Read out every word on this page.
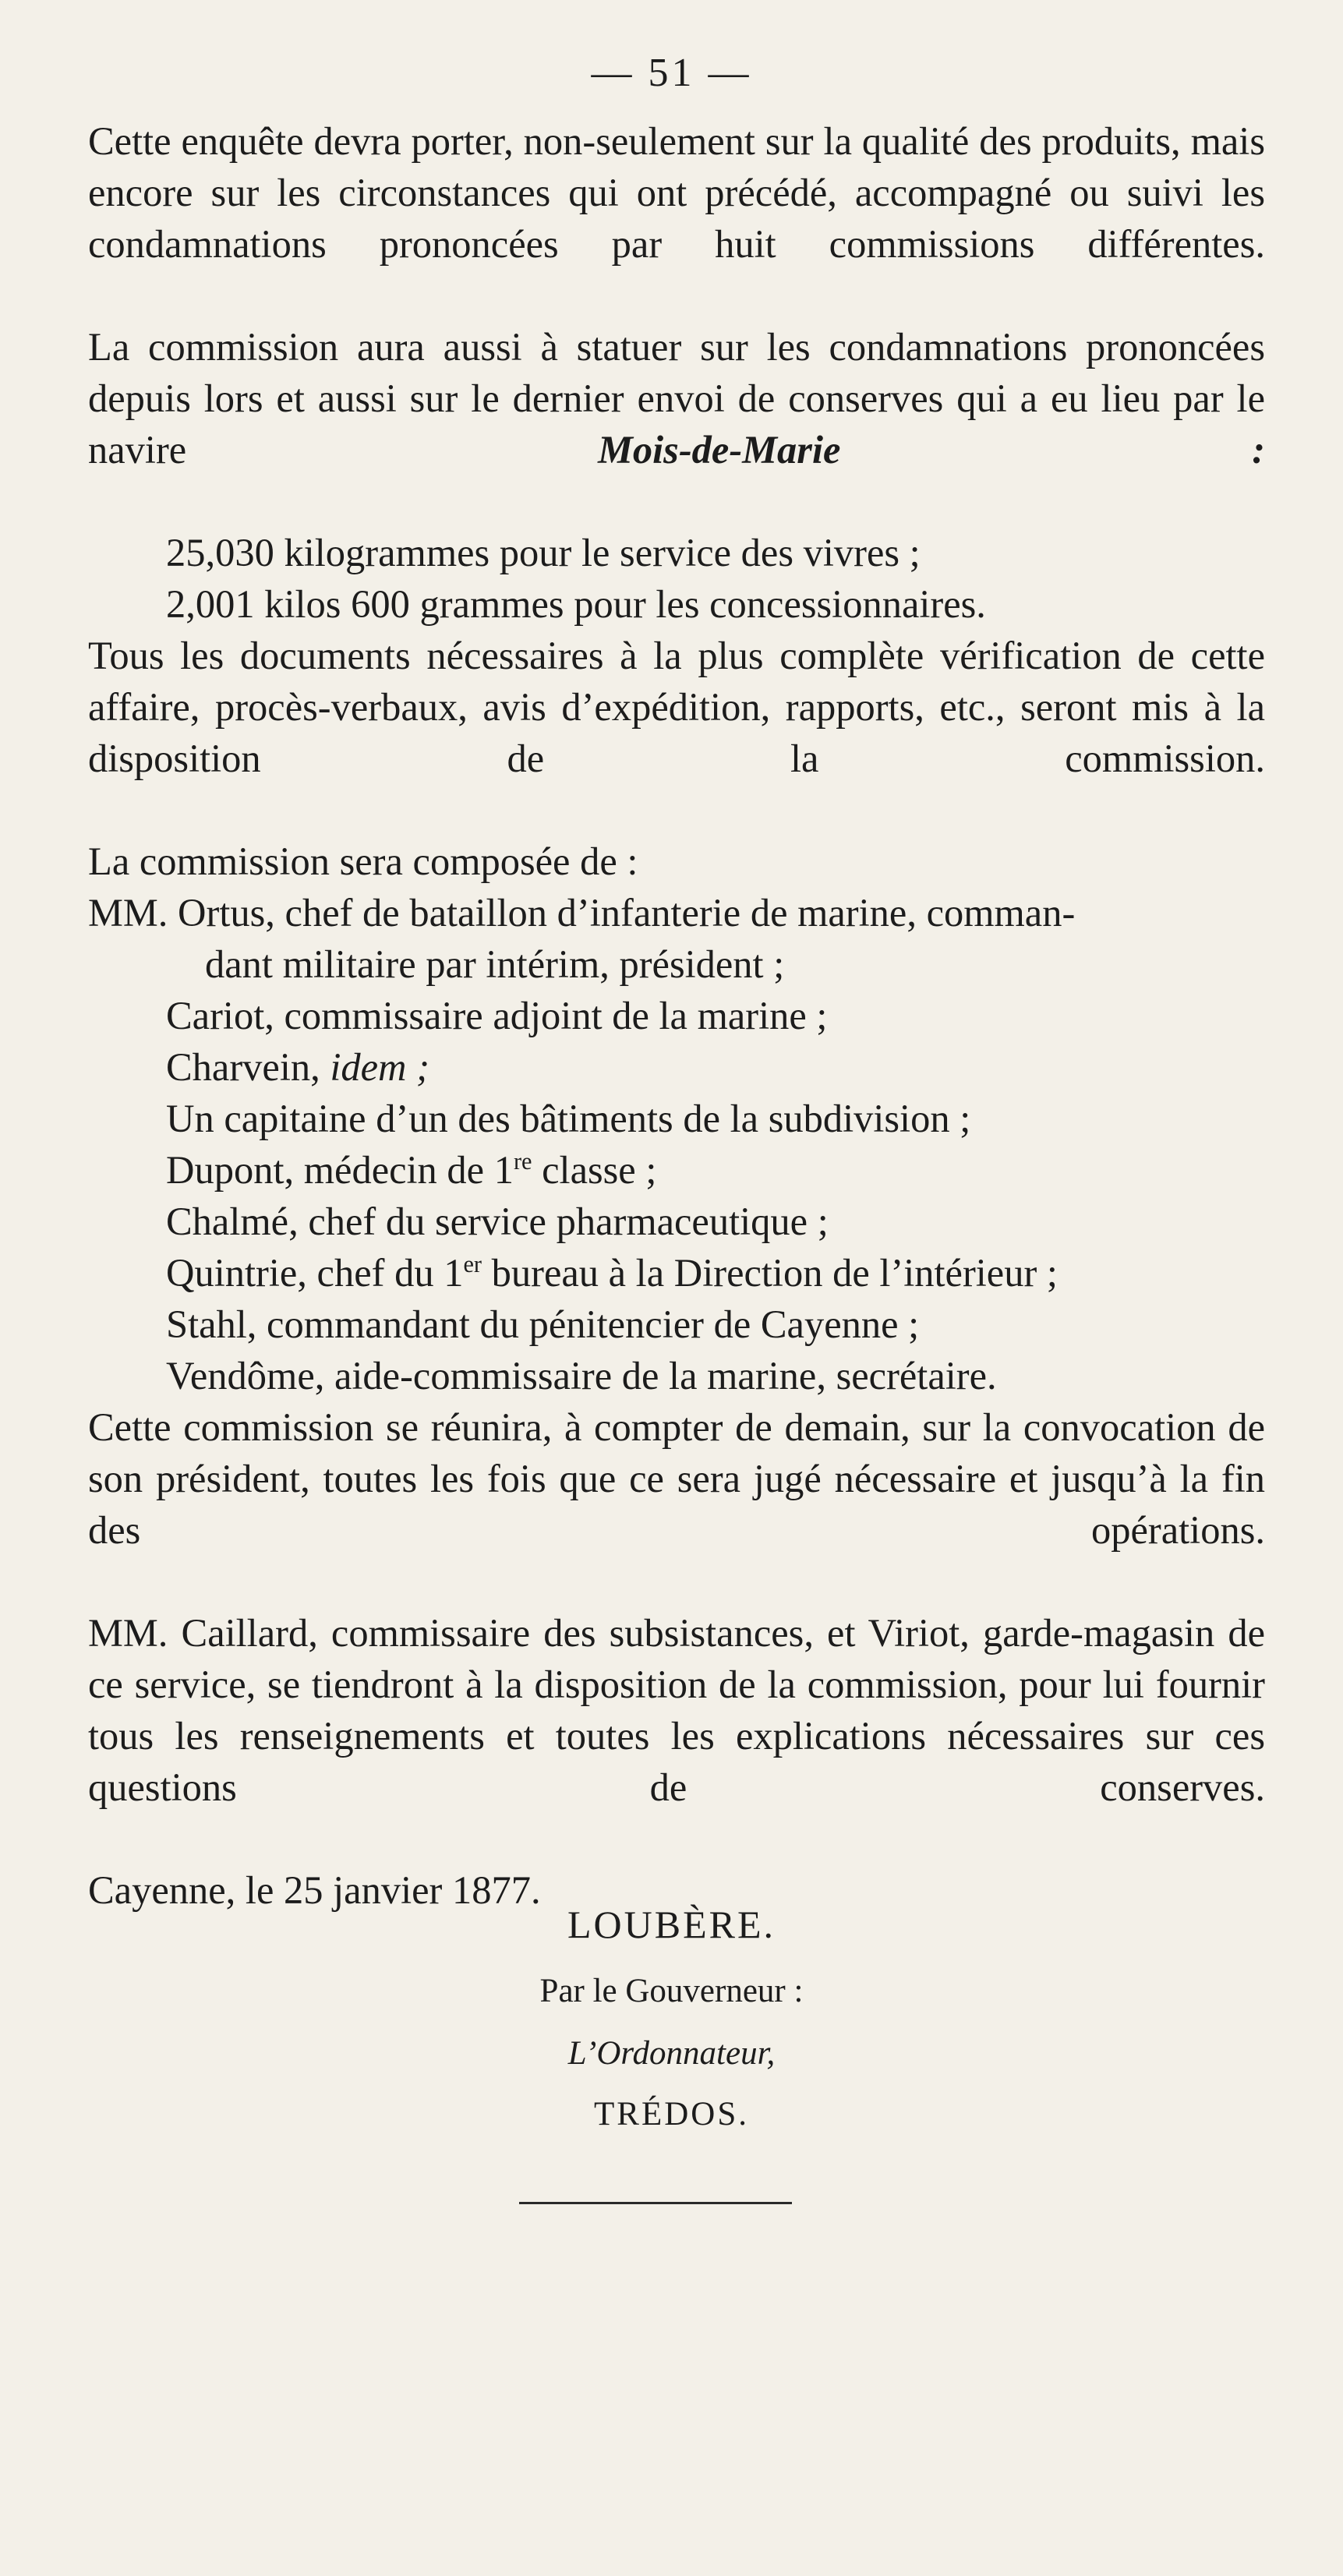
— 51 —

Cette enquête devra porter, non-seulement sur la qualité des produits, mais encore sur les circonstances qui ont précédé, accompagné ou suivi les condamnations prononcées par huit commissions différentes.

La commission aura aussi à statuer sur les condamnations prononcées depuis lors et aussi sur le dernier envoi de conserves qui a eu lieu par le navire	Mois-de-Marie :

25,030 kilogrammes pour le service des vivres ;

2,001 kilos 600 grammes pour les concessionnaires.

Tous les documents nécessaires à la plus complète vérification de cette affaire, procès-verbaux, avis d’expédition, rapports, etc., seront mis à la disposition de la commission.

La commission sera composée de :

MM. Ortus, chef de bataillon d’infanterie de marine, comman-

dant militaire par intérim, président ;

Cariot, commissaire adjoint de la marine ;

Charvein, idem ;

Un capitaine d’un des bâtiments de la subdivision ;

Dupont, médecin de 1re classe ;

Chalmé, chef du service pharmaceutique ;

Quintrie, chef du 1er bureau à la Direction de l’intérieur ;

Stahl, commandant du pénitencier de Cayenne ;

Vendôme, aide-commissaire de la marine, secrétaire.

Cette commission se réunira, à compter de demain, sur la convocation de son président, toutes les fois que ce sera jugé nécessaire et jusqu’à la fin des opérations.

MM. Caillard, commissaire des subsistances, et Viriot, garde-magasin de ce service, se tiendront à la disposition de la commission, pour lui fournir tous les renseignements et toutes les explications nécessaires sur ces questions de conserves.

Cayenne, le 25 janvier 1877.

LOUBÈRE.
Par le Gouverneur :
L’Ordonnateur,
TRÉDOS.
